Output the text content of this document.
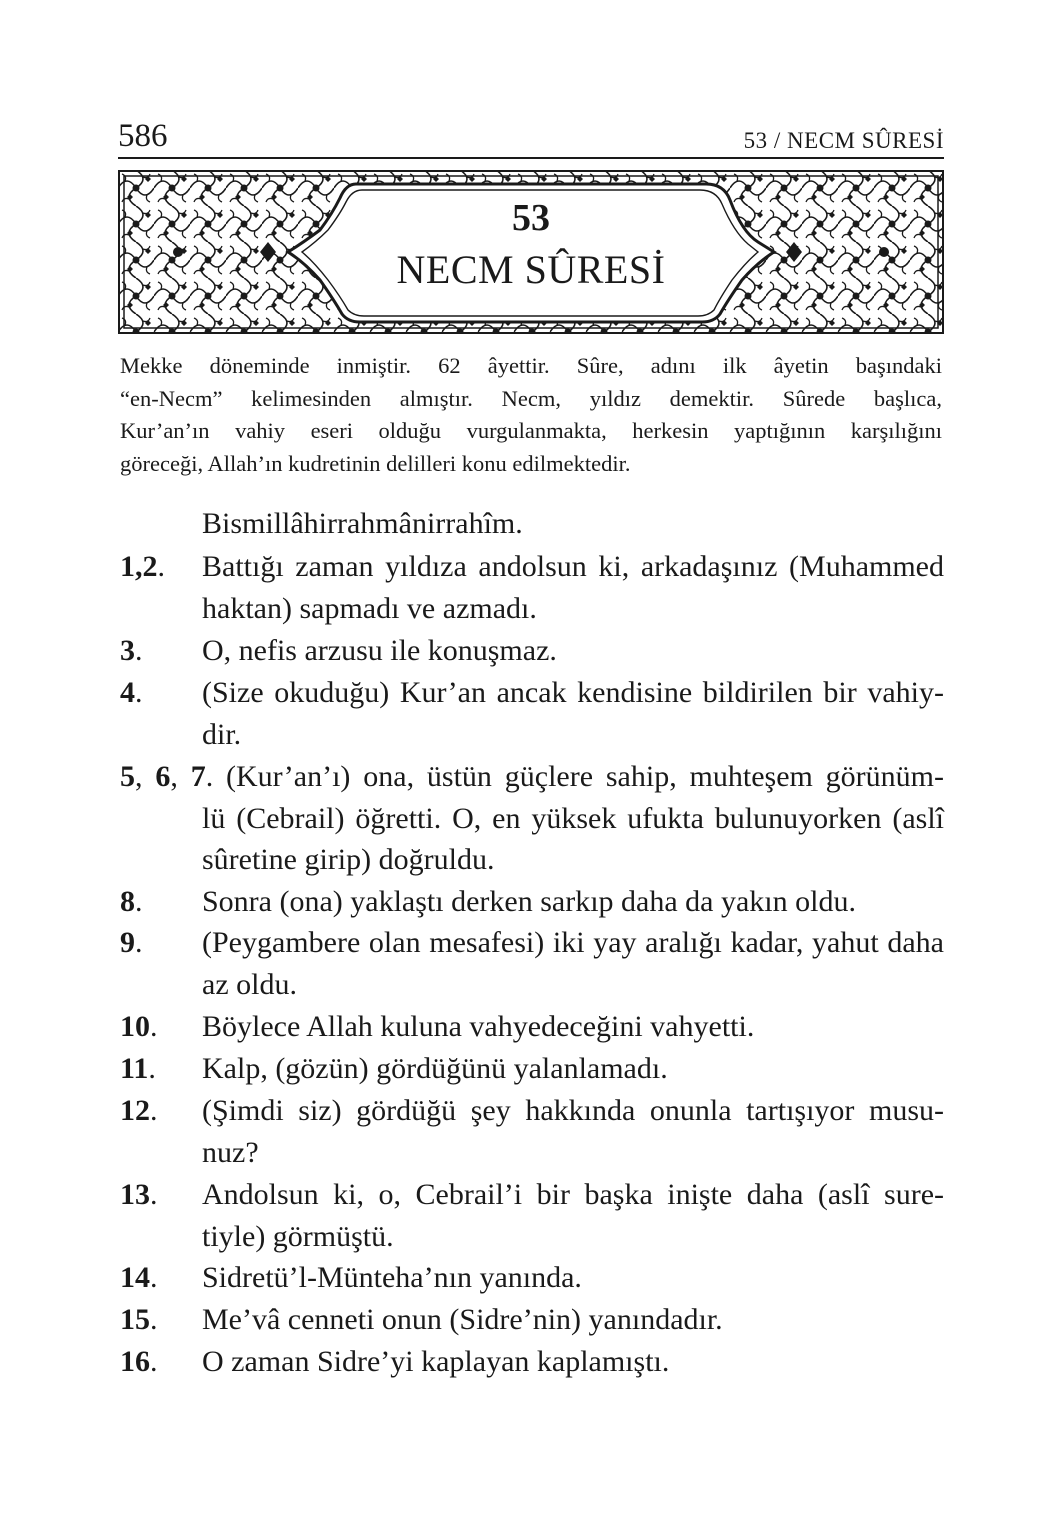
586	53 / NECM SÛRESİ
53
NECM SÛRESİ
Mekke döneminde inmiştir. 62 âyettir. Sûre, adını ilk âyetin başındaki
“en-Necm” kelimesinden almıştır. Necm, yıldız demektir. Sûrede başlıca,
Kur’an’ın vahiy eseri olduğu vurgulanmakta, herkesin yaptığının karşılığını
göreceği, Allah’ın kudretinin delilleri konu edilmektedir.
Bismillâhirrahmânirrahîm.
1,2. Battığı zaman yıldıza andolsun ki, arkadaşınız (Muhammed
haktan) sapmadı ve azmadı.
3. O, nefis arzusu ile konuşmaz.
4. (Size okuduğu) Kur’an ancak kendisine bildirilen bir vahiy-
dir.
5, 6, 7. (Kur’an’ı) ona, üstün güçlere sahip, muhteşem görünüm-
lü (Cebrail) öğretti. O, en yüksek ufukta bulunuyorken (aslî
sûretine girip) doğruldu.
8. Sonra (ona) yaklaştı derken sarkıp daha da yakın oldu.
9. (Peygambere olan mesafesi) iki yay aralığı kadar, yahut daha
az oldu.
10. Böylece Allah kuluna vahyedeceğini vahyetti.
11. Kalp, (gözün) gördüğünü yalanlamadı.
12. (Şimdi siz) gördüğü şey hakkında onunla tartışıyor musu-
nuz?
13. Andolsun ki, o, Cebrail’i bir başka inişte daha (aslî sure-
tiyle) görmüştü.
14. Sidretü’l-Münteha’nın yanında.
15. Me’vâ cenneti onun (Sidre’nin) yanındadır.
16. O zaman Sidre’yi kaplayan kaplamıştı.
